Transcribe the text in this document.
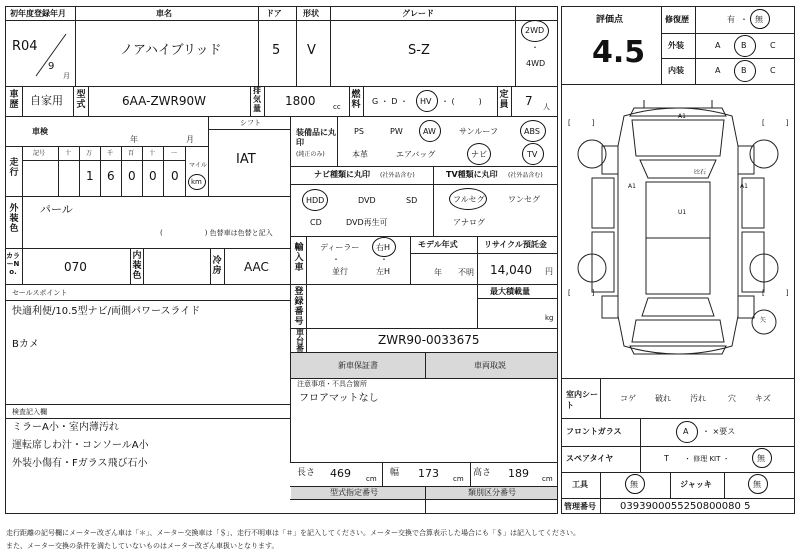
初年度登録年月	車名	ドア	形状	グレード
R04
9
月
ノアハイブリッド	5 V	S-Z
2WD
・
4WD
車歴 自家用 型式	6AA-ZWR90W
排気量
1800 cc
燃料 G ・ D ・ HV ・ (　　　)
定員 7 人
車検
年	月
シフト
IAT
走行
記号	十 万 千 百 十	一
1 6 0 0 0
マイル
km
外装色
パール
(　　　　　　) 色替車は色替と記入
カラーNo.	070
内装色
冷房 AAC
装備品に丸印
(純正のみ)
PS	PW	AW	サンルーフ	ABS
本革	エアバッグ	ナビ	TV
ナビ種類に丸印 (社外品含む)	TV種類に丸印 (社外品含む)
HDD	DVD	SD
CD	DVD再生可
フルセグ	ワンセグ
アナログ
輸入車
ディーラー
・
並行
右H
・
左H
モデル年式
年 不明
リサイクル預託金
14,040 円
登録番号
最大積載量
kg
車台番
ZWR90-0033675
新車保証書	車両取説
注意事項・不具合箇所
フロアマットなし
セールスポイント
快適利便/10.5型ナビ/両側パワースライド
Bカメ
検査記入欄
ミラーA小・室内薄汚れ
運転席しわ汁・コンソールA小
外装小傷有・Fガラス飛び石小
長さ 469 cm
幅 173 cm
高さ 189 cm
型式指定番号	類別区分番号
評価点
4.5
修復歴	有 ・ 無
外装	A	B	C
内装	A	B	C
A1
A1	A1
U1
ﾋﾋ石
矢
[　　　]	[　　　]
[　　　]	[　　　]
室内シート
コゲ 破れ 汚れ	穴 キズ
フロントガラス	A ・ ×要ス
スペアタイヤ	T ・ 修理 KIT ・	無
工具	無	ジャッキ	無
管理番号 0393900055250800080 5
走行距離の記号欄にメーター改ざん車は「＊」、メーター交換車は「＄」、走行不明車は「＃」を記入してください。メーター交換で合算表示した場合にも「＄」は記入してください。
また、メーター交換の条件を満たしていないものはメーター改ざん車扱いとなります。
